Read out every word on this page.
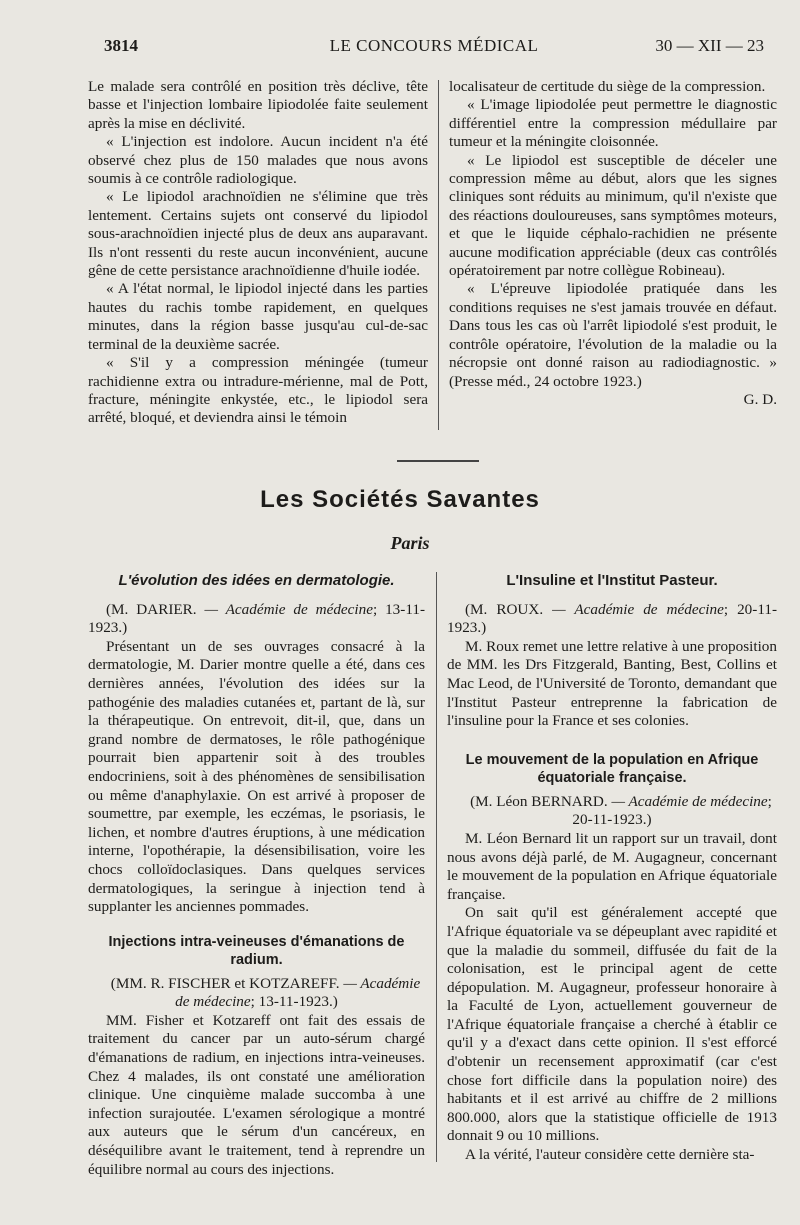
3814	LE CONCOURS MÉDICAL	30 — XII — 23

Le malade sera contrôlé en position très déclive, tête basse et l'injection lombaire lipiodolée faite seulement après la mise en déclivité.

« L'injection est indolore. Aucun incident n'a été observé chez plus de 150 malades que nous avons soumis à ce contrôle radiologique.

« Le lipiodol arachnoïdien ne s'élimine que très lentement. Certains sujets ont conservé du lipiodol sous-arachnoïdien injecté plus de deux ans auparavant. Ils n'ont ressenti du reste aucun inconvénient, aucune gêne de cette persistance arachnoïdienne d'huile iodée.

« A l'état normal, le lipiodol injecté dans les parties hautes du rachis tombe rapidement, en quelques minutes, dans la région basse jusqu'au cul-de-sac terminal de la deuxième sacrée.

« S'il y a compression méningée (tumeur rachidienne extra ou intradure-mérienne, mal de Pott, fracture, méningite enkystée, etc., le lipiodol sera arrêté, bloqué, et deviendra ainsi le témoin

localisateur de certitude du siège de la compression.

« L'image lipiodolée peut permettre le diagnostic différentiel entre la compression médullaire par tumeur et la méningite cloisonnée.

« Le lipiodol est susceptible de déceler une compression même au début, alors que les signes cliniques sont réduits au minimum, qu'il n'existe que des réactions douloureuses, sans symptômes moteurs, et que le liquide céphalo-rachidien ne présente aucune modification appréciable (deux cas contrôlés opératoirement par notre collègue Robineau).

« L'épreuve lipiodolée pratiquée dans les conditions requises ne s'est jamais trouvée en défaut. Dans tous les cas où l'arrêt lipiodolé s'est produit, le contrôle opératoire, l'évolution de la maladie ou la nécropsie ont donné raison au radiodiagnostic. » (Presse méd., 24 octobre 1923.)

G. D.

Les Sociétés Savantes
Paris
L'évolution des idées en dermatologie.

(M. DARIER. — Académie de médecine; 13-11-1923.)

Présentant un de ses ouvrages consacré à la dermatologie, M. Darier montre quelle a été, dans ces dernières années, l'évolution des idées sur la pathogénie des maladies cutanées et, partant de là, sur la thérapeutique. On entrevoit, dit-il, que, dans un grand nombre de dermatoses, le rôle pathogénique pourrait bien appartenir soit à des troubles endocriniens, soit à des phénomènes de sensibilisation ou même d'anaphylaxie. On est arrivé à proposer de soumettre, par exemple, les eczémas, le psoriasis, le lichen, et nombre d'autres éruptions, à une médication interne, l'opothérapie, la désensibilisation, voire les chocs colloïdoclasiques. Dans quelques services dermatologiques, la seringue à injection tend à supplanter les anciennes pommades.

Injections intra-veineuses d'émanations de radium.

(MM. R. FISCHER et KOTZAREFF. — Académie de médecine; 13-11-1923.)

MM. Fisher et Kotzareff ont fait des essais de traitement du cancer par un auto-sérum chargé d'émanations de radium, en injections intra-veineuses. Chez 4 malades, ils ont constaté une amélioration clinique. Une cinquième malade succomba à une infection surajoutée. L'examen sérologique a montré aux auteurs que le sérum d'un cancéreux, en déséquilibre avant le traitement, tend à reprendre un équilibre normal au cours des injections.

L'Insuline et l'Institut Pasteur.

(M. ROUX. — Académie de médecine; 20-11-1923.)

M. Roux remet une lettre relative à une proposition de MM. les Drs Fitzgerald, Banting, Best, Collins et Mac Leod, de l'Université de Toronto, demandant que l'Institut Pasteur entreprenne la fabrication de l'insuline pour la France et ses colonies.

Le mouvement de la population en Afrique équatoriale française.

(M. Léon BERNARD. — Académie de médecine; 20-11-1923.)

M. Léon Bernard lit un rapport sur un travail, dont nous avons déjà parlé, de M. Augagneur, concernant le mouvement de la population en Afrique équatoriale française.

On sait qu'il est généralement accepté que l'Afrique équatoriale va se dépeuplant avec rapidité et que la maladie du sommeil, diffusée du fait de la colonisation, est le principal agent de cette dépopulation. M. Augagneur, professeur honoraire à la Faculté de Lyon, actuellement gouverneur de l'Afrique équatoriale française a cherché à établir ce qu'il y a d'exact dans cette opinion. Il s'est efforcé d'obtenir un recensement approximatif (car c'est chose fort difficile dans la population noire) des habitants et il est arrivé au chiffre de 2 millions 800.000, alors que la statistique officielle de 1913 donnait 9 ou 10 millions.

A la vérité, l'auteur considère cette dernière sta-
